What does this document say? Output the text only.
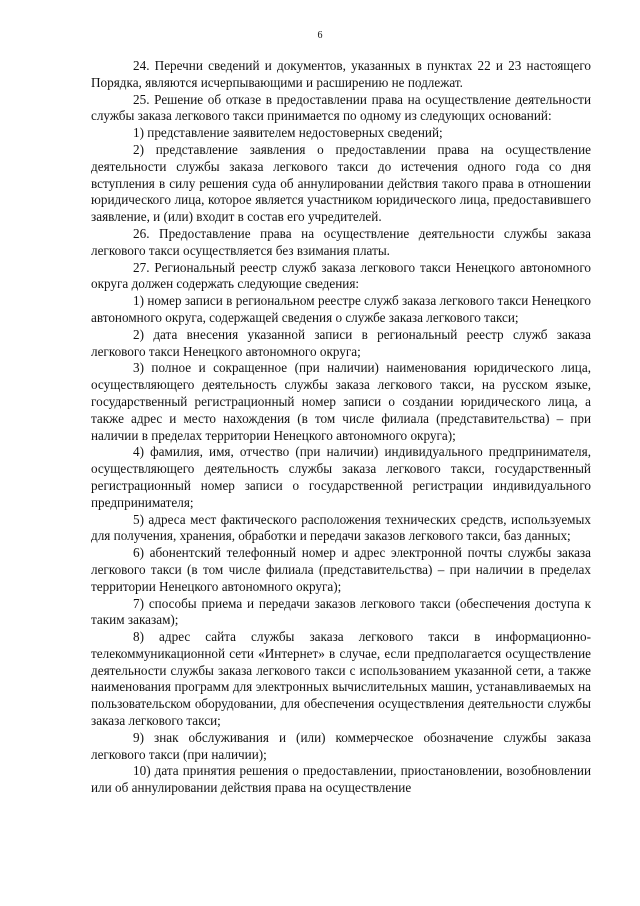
6

24. Перечни сведений и документов, указанных в пунктах 22 и 23 настоящего Порядка, являются исчерпывающими и расширению не подлежат.

25. Решение об отказе в предоставлении права на осуществление деятельности службы заказа легкового такси принимается по одному из следующих оснований:

1) представление заявителем недостоверных сведений;

2) представление заявления о предоставлении права на осуществление деятельности службы заказа легкового такси до истечения одного года со дня вступления в силу решения суда об аннулировании действия такого права в отношении юридического лица, которое является участником юридического лица, предоставившего заявление, и (или) входит в состав его учредителей.

26. Предоставление права на осуществление деятельности службы заказа легкового такси осуществляется без взимания платы.

27. Региональный реестр служб заказа легкового такси Ненецкого автономного округа должен содержать следующие сведения:

1) номер записи в региональном реестре служб заказа легкового такси Ненецкого автономного округа, содержащей сведения о службе заказа легкового такси;

2) дата внесения указанной записи в региональный реестр служб заказа легкового такси Ненецкого автономного округа;

3) полное и сокращенное (при наличии) наименования юридического лица, осуществляющего деятельность службы заказа легкового такси, на русском языке, государственный регистрационный номер записи о создании юридического лица, а также адрес и место нахождения (в том числе филиала (представительства) – при наличии в пределах территории Ненецкого автономного округа);

4) фамилия, имя, отчество (при наличии) индивидуального предпринимателя, осуществляющего деятельность службы заказа легкового такси, государственный регистрационный номер записи о государственной регистрации индивидуального предпринимателя;

5) адреса мест фактического расположения технических средств, используемых для получения, хранения, обработки и передачи заказов легкового такси, баз данных;

6) абонентский телефонный номер и адрес электронной почты службы заказа легкового такси (в том числе филиала (представительства) – при наличии в пределах территории Ненецкого автономного округа);

7) способы приема и передачи заказов легкового такси (обеспечения доступа к таким заказам);

8) адрес сайта службы заказа легкового такси в информационно-телекоммуникационной сети «Интернет» в случае, если предполагается осуществление деятельности службы заказа легкового такси с использованием указанной сети, а также наименования программ для электронных вычислительных машин, устанавливаемых на пользовательском оборудовании, для обеспечения осуществления деятельности службы заказа легкового такси;

9) знак обслуживания и (или) коммерческое обозначение службы заказа легкового такси (при наличии);

10) дата принятия решения о предоставлении, приостановлении, возобновлении или об аннулировании действия права на осуществление
